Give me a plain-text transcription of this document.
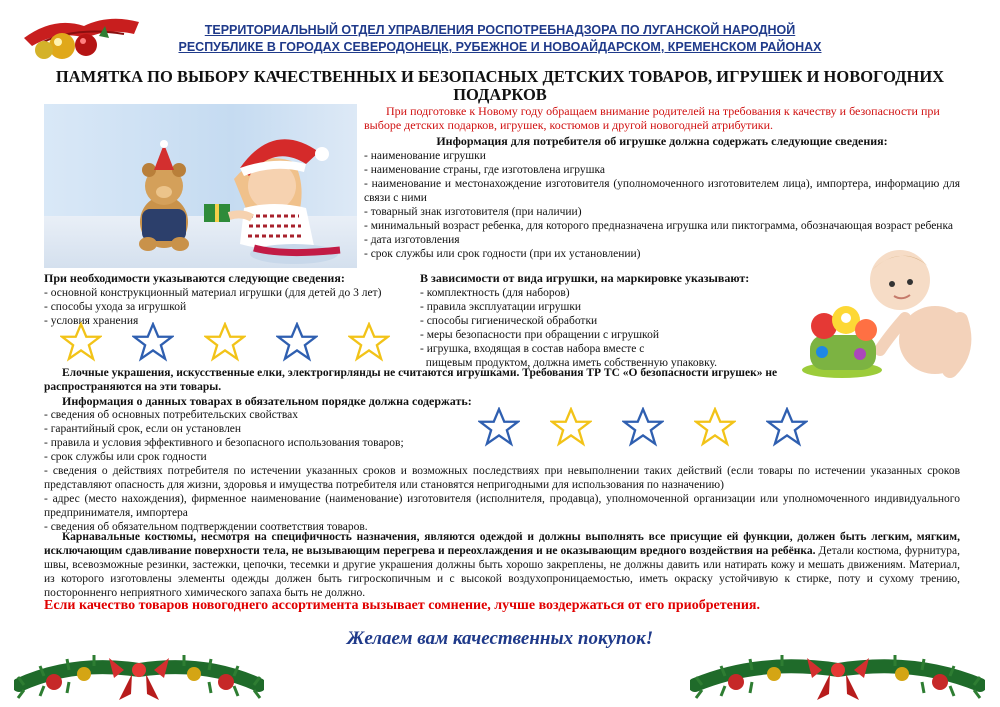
ТЕРРИТОРИАЛЬНЫЙ ОТДЕЛ УПРАВЛЕНИЯ РОСПОТРЕБНАДЗОРА ПО ЛУГАНСКОЙ НАРОДНОЙ
РЕСПУБЛИКЕ В ГОРОДАХ СЕВЕРОДОНЕЦК, РУБЕЖНОЕ И НОВОАЙДАРСКОМ, КРЕМЕНСКОМ РАЙОНАХ
ПАМЯТКА ПО ВЫБОРУ КАЧЕСТВЕННЫХ И БЕЗОПАСНЫХ ДЕТСКИХ ТОВАРОВ, ИГРУШЕК И НОВОГОДНИХ
ПОДАРКОВ
При подготовке к Новому году обращаем внимание родителей на требования к качеству и безопасности при выборе детских подарков, игрушек, костюмов и другой новогодней атрибутики.
Информация для потребителя об игрушке должна содержать следующие сведения:
- наименование игрушки
- наименование страны, где изготовлена игрушка
- наименование и местонахождение изготовителя (уполномоченного изготовителем лица), импортера, информацию для связи с ними
- товарный знак изготовителя (при наличии)
- минимальный возраст ребенка, для которого предназначена игрушка или пиктограмма, обозначающая возраст ребенка
- дата изготовления
- срок службы или срок годности (при их установлении)
При необходимости указываются следующие сведения:
- основной конструкционный материал игрушки (для детей до 3 лет)
- способы ухода за игрушкой
- условия хранения
В зависимости от вида игрушки, на маркировке указывают:
- комплектность (для наборов)
- правила эксплуатации игрушки
- способы гигиенической обработки
- меры безопасности при обращении с игрушкой
- игрушка, входящая в состав набора вместе с
пищевым продуктом, должна иметь собственную упаковку.
Елочные украшения, искусственные елки, электрогирлянды не считаются игрушками. Требования ТР ТС «О безопасности игрушек» не распространяются на эти товары.
Информация о данных товарах в обязательном порядке должна содержать:
- сведения об основных потребительских свойствах
- гарантийный срок, если он установлен
- правила и условия эффективного и безопасного использования товаров;
- срок службы или срок годности
- сведения о действиях потребителя по истечении указанных сроков и возможных последствиях при невыполнении таких действий (если товары по истечении указанных сроков представляют опасность для жизни, здоровья и имущества потребителя или становятся непригодными для использования по назначению)
- адрес (место нахождения), фирменное наименование (наименование) изготовителя (исполнителя, продавца), уполномоченной организации или уполномоченного индивидуального предпринимателя, импортера
- сведения об обязательном подтверждении соответствия товаров.
Карнавальные костюмы, несмотря на специфичность назначения, являются одеждой и должны выполнять все присущие ей функции, должен быть легким, мягким, исключающим сдавливание поверхности тела, не вызывающим перегрева и переохлаждения и не оказывающим вредного воздействия на ребёнка. Детали костюма, фурнитура, швы, всевозможные резинки, застежки, цепочки, тесемки и другие украшения должны быть хорошо закреплены, не должны давить или натирать кожу и мешать движениям. Материал, из которого изготовлены элементы одежды должен быть гигроскопичным и с высокой воздухопроницаемостью, иметь окраску устойчивую к стирке, поту и сухому трению, посторонненго неприятного химического запаха быть не должно.
Если качество товаров новогоднего ассортимента вызывает сомнение, лучше воздержаться от его приобретения.
Желаем вам качественных покупок!
